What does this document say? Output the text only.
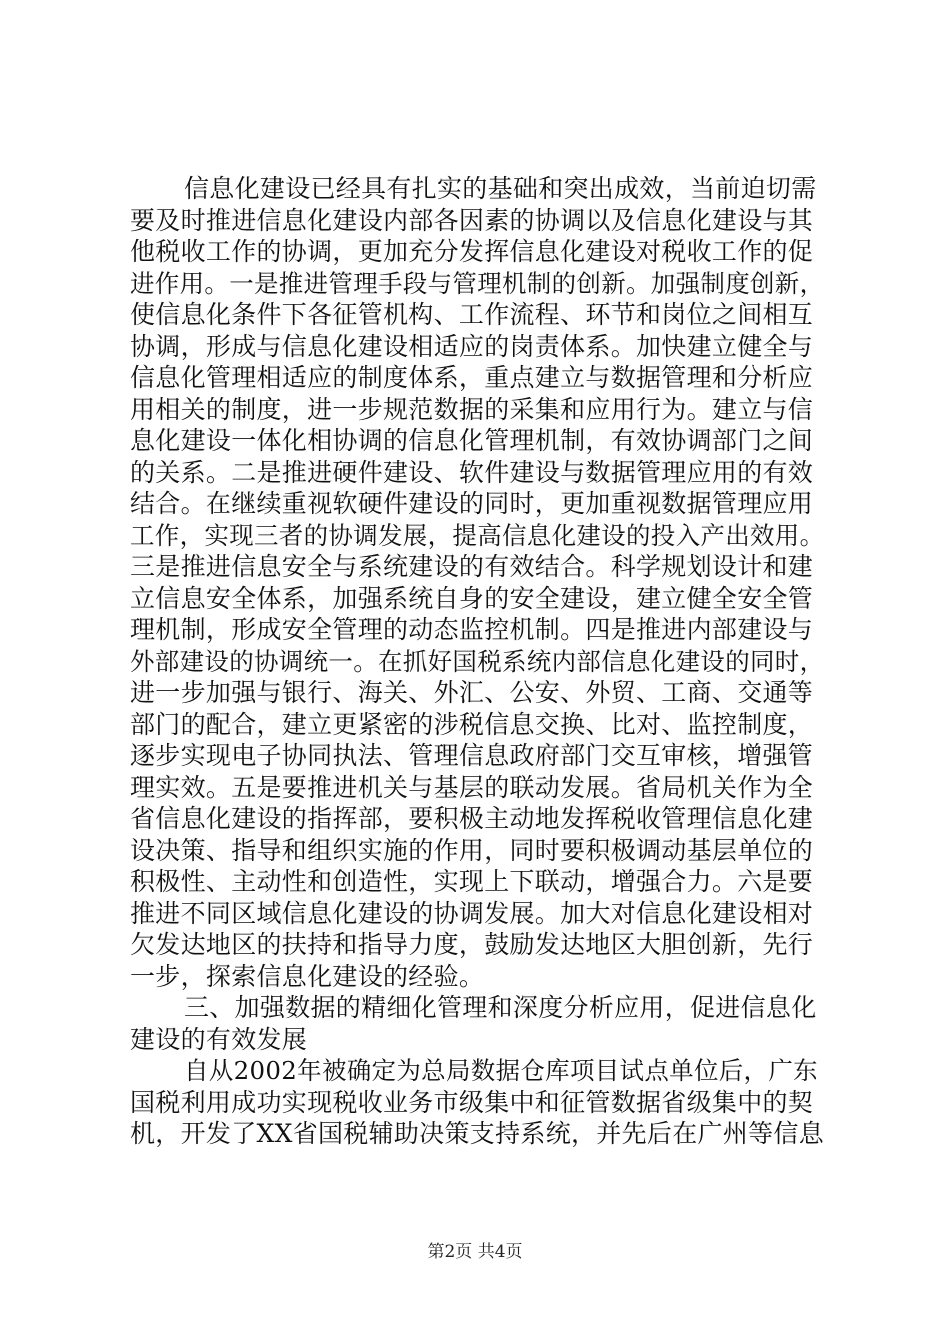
信息化建设已经具有扎实的基础和突出成效，当前迫切需
要及时推进信息化建设内部各因素的协调以及信息化建设与其
他税收工作的协调，更加充分发挥信息化建设对税收工作的促
进作用。一是推进管理手段与管理机制的创新。加强制度创新，
使信息化条件下各征管机构、工作流程、环节和岗位之间相互
协调，形成与信息化建设相适应的岗责体系。加快建立健全与
信息化管理相适应的制度体系，重点建立与数据管理和分析应
用相关的制度，进一步规范数据的采集和应用行为。建立与信
息化建设一体化相协调的信息化管理机制，有效协调部门之间
的关系。二是推进硬件建设、软件建设与数据管理应用的有效
结合。在继续重视软硬件建设的同时，更加重视数据管理应用
工作，实现三者的协调发展，提高信息化建设的投入产出效用。
三是推进信息安全与系统建设的有效结合。科学规划设计和建
立信息安全体系，加强系统自身的安全建设，建立健全安全管
理机制，形成安全管理的动态监控机制。四是推进内部建设与
外部建设的协调统一。在抓好国税系统内部信息化建设的同时，
进一步加强与银行、海关、外汇、公安、外贸、工商、交通等
部门的配合，建立更紧密的涉税信息交换、比对、监控制度，
逐步实现电子协同执法、管理信息政府部门交互审核，增强管
理实效。五是要推进机关与基层的联动发展。省局机关作为全
省信息化建设的指挥部，要积极主动地发挥税收管理信息化建
设决策、指导和组织实施的作用，同时要积极调动基层单位的
积极性、主动性和创造性，实现上下联动，增强合力。六是要
推进不同区域信息化建设的协调发展。加大对信息化建设相对
欠发达地区的扶持和指导力度，鼓励发达地区大胆创新，先行
一步，探索信息化建设的经验。
三、加强数据的精细化管理和深度分析应用，促进信息化
建设的有效发展
自从2002年被确定为总局数据仓库项目试点单位后，广东
国税利用成功实现税收业务市级集中和征管数据省级集中的契
机，开发了XX省国税辅助决策支持系统，并先后在广州等信息
第2页 共4页
